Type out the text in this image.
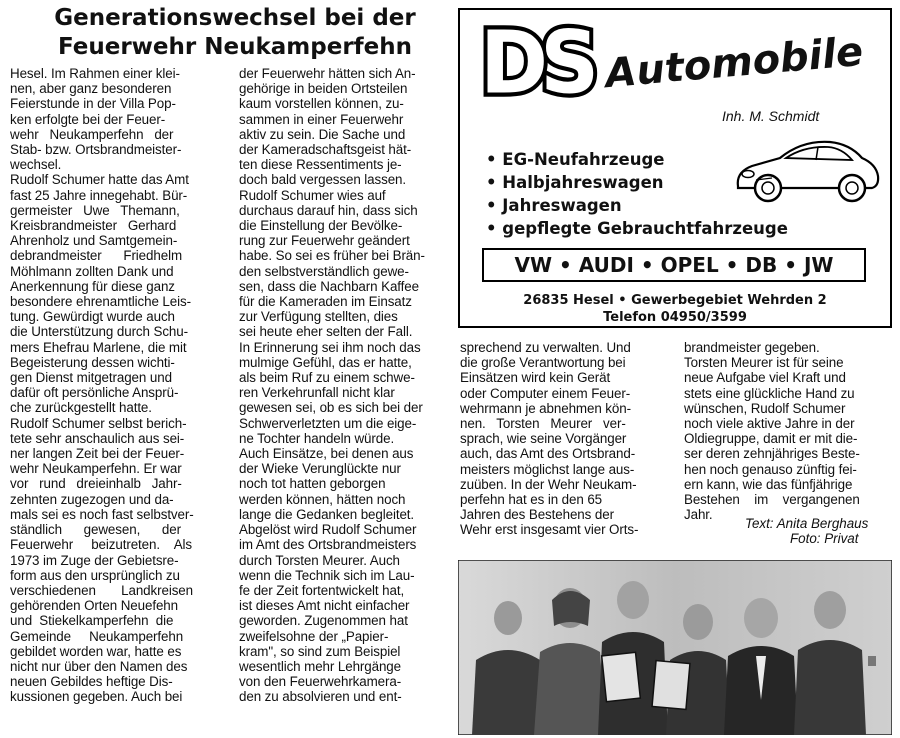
Generationswechsel bei der
Feuerwehr Neukamperfehn

Hesel. Im Rahmen einer klei-
nen, aber ganz besonderen
Feierstunde in der Villa Pop-
ken erfolgte bei der Feuer-
wehr   Neukamperfehn   der
Stab- bzw. Ortsbrandmeister-
wechsel.
Rudolf Schumer hatte das Amt
fast 25 Jahre innegehabt. Bür-
germeister   Uwe   Themann,
Kreisbrandmeister   Gerhard
Ahrenholz und Samtgemein-
debrandmeister      Friedhelm
Möhlmann zollten Dank und
Anerkennung für diese ganz
besondere ehrenamtliche Leis-
tung. Gewürdigt wurde auch
die Unterstützung durch Schu-
mers Ehefrau Marlene, die mit
Begeisterung dessen wichti-
gen Dienst mitgetragen und
dafür oft persönliche Ansprü-
che zurückgestellt hatte.
Rudolf Schumer selbst berich-
tete sehr anschaulich aus sei-
ner langen Zeit bei der Feuer-
wehr Neukamperfehn. Er war
vor   rund   dreieinhalb   Jahr-
zehnten zugezogen und da-
mals sei es noch fast selbstver-
ständlich      gewesen,      der
Feuerwehr     beizutreten.    Als
1973 im Zuge der Gebietsre-
form aus den ursprünglich zu
verschiedenen       Landkreisen
gehörenden Orten Neuefehn
und  Stiekelkamperfehn  die
Gemeinde     Neukamperfehn
gebildet worden war, hatte es
nicht nur über den Namen des
neuen Gebildes heftige Dis-
kussionen gegeben. Auch bei

der Feuerwehr hätten sich An-
gehörige in beiden Ortsteilen
kaum vorstellen können, zu-
sammen in einer Feuerwehr
aktiv zu sein. Die Sache und
der Kameradschaftsgeist hät-
ten diese Ressentiments je-
doch bald vergessen lassen.
Rudolf Schumer wies auf
durchaus darauf hin, dass sich
die Einstellung der Bevölke-
rung zur Feuerwehr geändert
habe. So sei es früher bei Brän-
den selbstverständlich gewe-
sen, dass die Nachbarn Kaffee
für die Kameraden im Einsatz
zur Verfügung stellten, dies
sei heute eher selten der Fall.
In Erinnerung sei ihm noch das
mulmige Gefühl, das er hatte,
als beim Ruf zu einem schwe-
ren Verkehrunfall nicht klar
gewesen sei, ob es sich bei der
Schwerverletzten um die eige-
ne Tochter handeln würde.
Auch Einsätze, bei denen aus
der Wieke Verunglückte nur
noch tot hatten geborgen
werden können, hätten noch
lange die Gedanken begleitet.
Abgelöst wird Rudolf Schumer
im Amt des Ortsbrandmeisters
durch Torsten Meurer. Auch
wenn die Technik sich im Lau-
fe der Zeit fortentwickelt hat,
ist dieses Amt nicht einfacher
geworden. Zugenommen hat
zweifelsohne der „Papier-
kram", so sind zum Beispiel
wesentlich mehr Lehrgänge
von den Feuerwehrkamera-
den zu absolvieren und ent-

sprechend zu verwalten. Und
die große Verantwortung bei
Einsätzen wird kein Gerät
oder Computer einem Feuer-
wehrmann je abnehmen kön-
nen.   Torsten   Meurer   ver-
sprach, wie seine Vorgänger
auch, das Amt des Ortsbrand-
meisters möglichst lange aus-
zuüben. In der Wehr Neukam-
perfehn hat es in den 65
Jahren des Bestehens der
Wehr erst insgesamt vier Orts-

brandmeister gegeben.
Torsten Meurer ist für seine
neue Aufgabe viel Kraft und
stets eine glückliche Hand zu
wünschen, Rudolf Schumer
noch viele aktive Jahre in der
Oldiegruppe, damit er mit die-
ser deren zehnjähriges Beste-
hen noch genauso zünftig fei-
ern kann, wie das fünfjährige
Bestehen    im    vergangenen
Jahr.

Text: Anita Berghaus
Foto: Privat
DS Automobile
Inh. M. Schmidt
• EG-Neufahrzeuge
• Halbjahreswagen
• Jahreswagen
• gepflegte Gebrauchtfahrzeuge
VW • AUDI • OPEL • DB • JW
26835 Hesel • Gewerbegebiet Wehrden 2
Telefon 04950/3599
